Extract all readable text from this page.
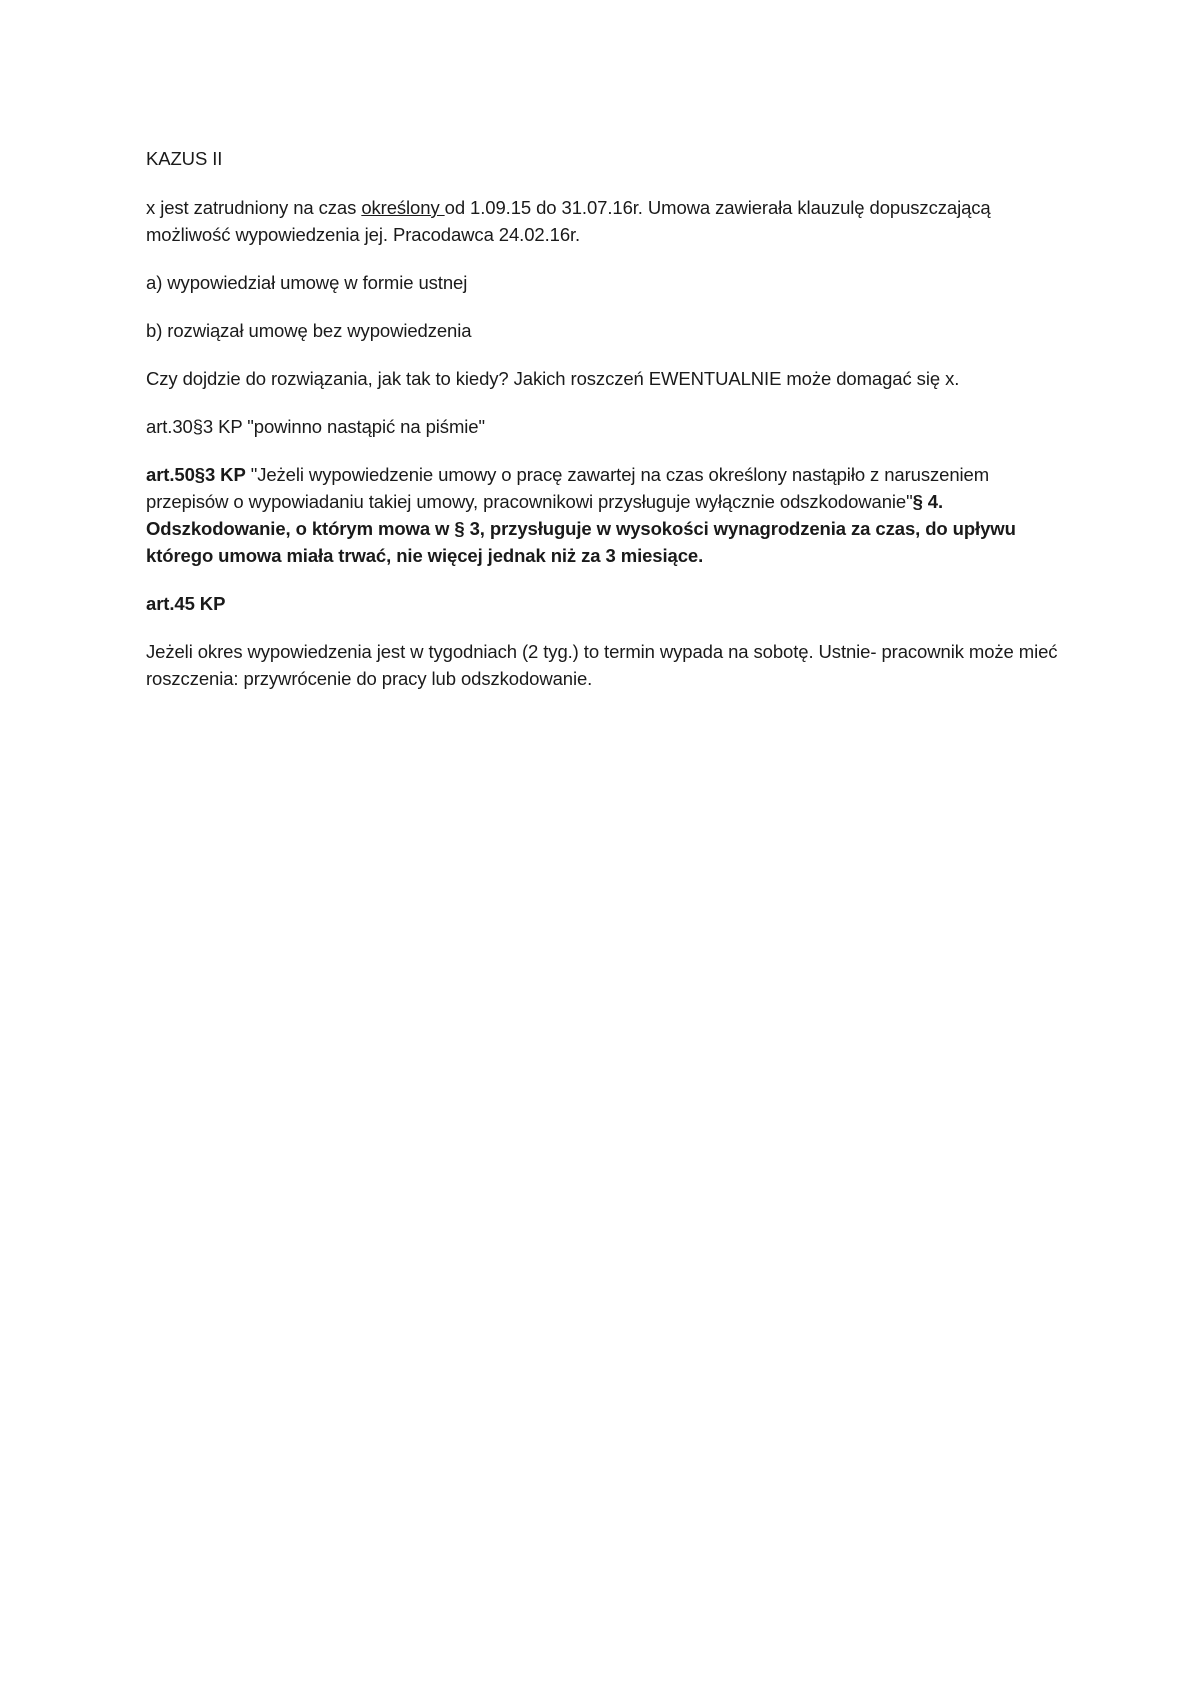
KAZUS II

x jest zatrudniony na czas określony od 1.09.15 do 31.07.16r. Umowa zawierała klauzulę dopuszczającą możliwość wypowiedzenia jej. Pracodawca 24.02.16r.

a) wypowiedział umowę w formie ustnej

b) rozwiązał umowę bez wypowiedzenia

Czy dojdzie do rozwiązania, jak tak to kiedy? Jakich roszczeń EWENTUALNIE może domagać się x.

art.30§3 KP "powinno nastąpić na piśmie"

art.50§3 KP "Jeżeli wypowiedzenie umowy o pracę zawartej na czas określony nastąpiło z naruszeniem przepisów o wypowiadaniu takiej umowy, pracownikowi przysługuje wyłącznie odszkodowanie"§ 4. Odszkodowanie, o którym mowa w § 3, przysługuje w wysokości wynagrodzenia za czas, do upływu którego umowa miała trwać, nie więcej jednak niż za 3 miesiące.

art.45 KP

Jeżeli okres wypowiedzenia jest w tygodniach (2 tyg.) to termin wypada na sobotę. Ustnie- pracownik może mieć roszczenia: przywrócenie do pracy lub odszkodowanie.
